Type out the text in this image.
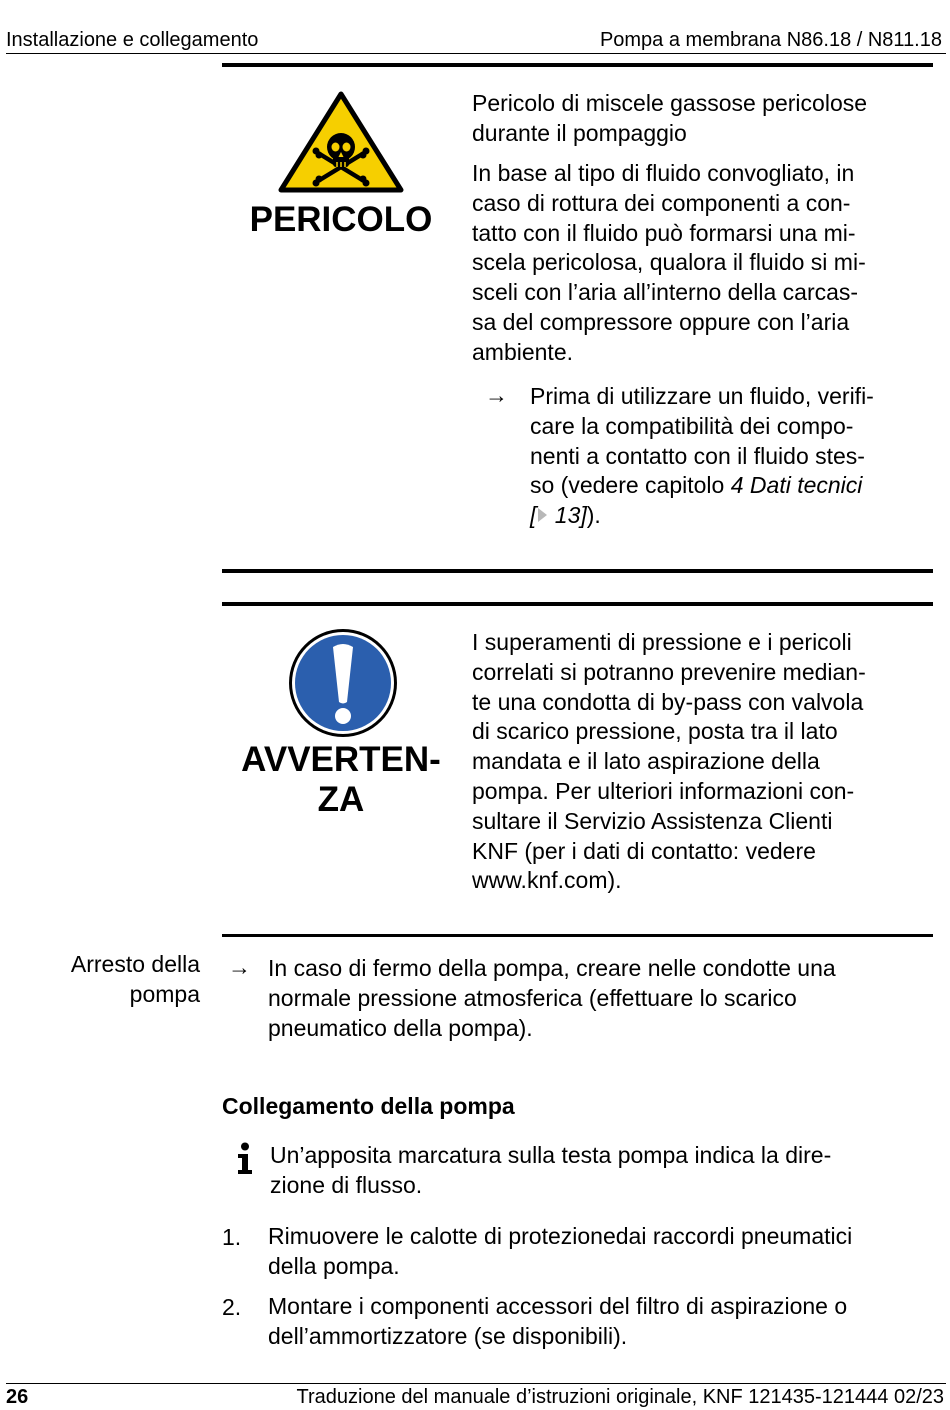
Installazione e collegamento	Pompa a membrana N86.18 / N811.18
PERICOLO
Pericolo di miscele gassose pericolose
durante il pompaggio
In base al tipo di fluido convogliato, in
caso di rottura dei componenti a con-
tatto con il fluido può formarsi una mi-
scela pericolosa, qualora il fluido si mi-
sceli con l’aria all’interno della carcas-
sa del compressore oppure con l’aria
ambiente.
→ Prima di utilizzare un fluido, verifi-
care la compatibilità dei compo-
nenti a contatto con il fluido stes-
so (vedere capitolo 4 Dati tecnici
[ 13]).
AVVERTEN-
ZA
I superamenti di pressione e i pericoli
correlati si potranno prevenire median-
te una condotta di by-pass con valvola
di scarico pressione, posta tra il lato
mandata e il lato aspirazione della
pompa. Per ulteriori informazioni con-
sultare il Servizio Assistenza Clienti
KNF (per i dati di contatto: vedere
www.knf.com).
Arresto della
pompa
→ In caso di fermo della pompa, creare nelle condotte una
normale pressione atmosferica (effettuare lo scarico
pneumatico della pompa).
Collegamento della pompa
Un’apposita marcatura sulla testa pompa indica la dire-
zione di flusso.
1. Rimuovere le calotte di protezionedai raccordi pneumatici
della pompa.
2. Montare i componenti accessori del filtro di aspirazione o
dell’ammortizzatore (se disponibili).
26	Traduzione del manuale d’istruzioni originale, KNF 121435-121444 02/23
